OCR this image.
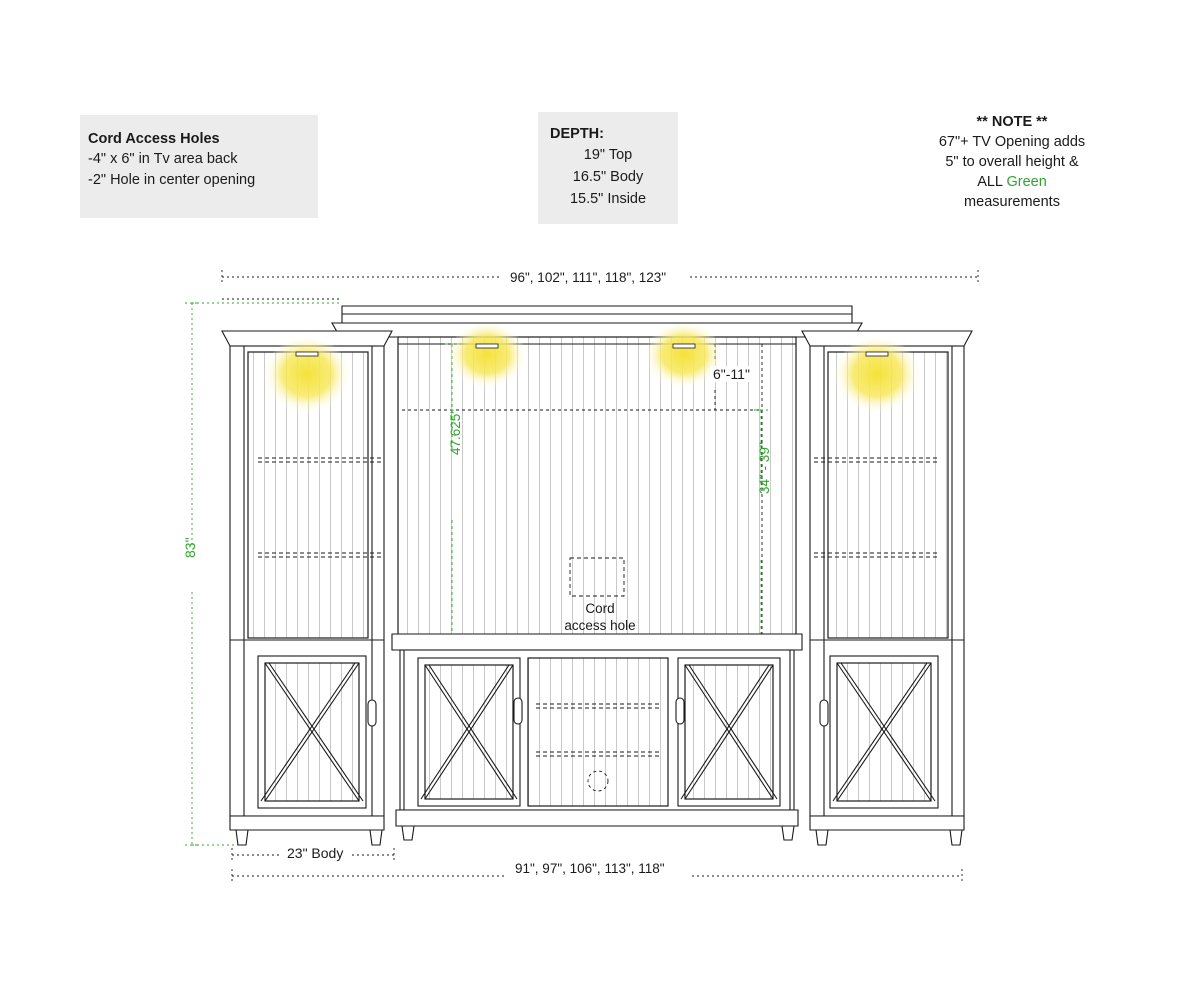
Cord Access Holes
-4" x 6" in Tv area back
-2" Hole in center opening
DEPTH:
19" Top
16.5" Body
15.5" Inside
** NOTE **
67"+ TV Opening adds
5" to overall height &
ALL Green
measurements
96", 102", 111", 118", 123"
91", 97", 106", 113", 118"
23" Body
6"-11"
83"
47.625"
34" - 39"
Cord
access hole
